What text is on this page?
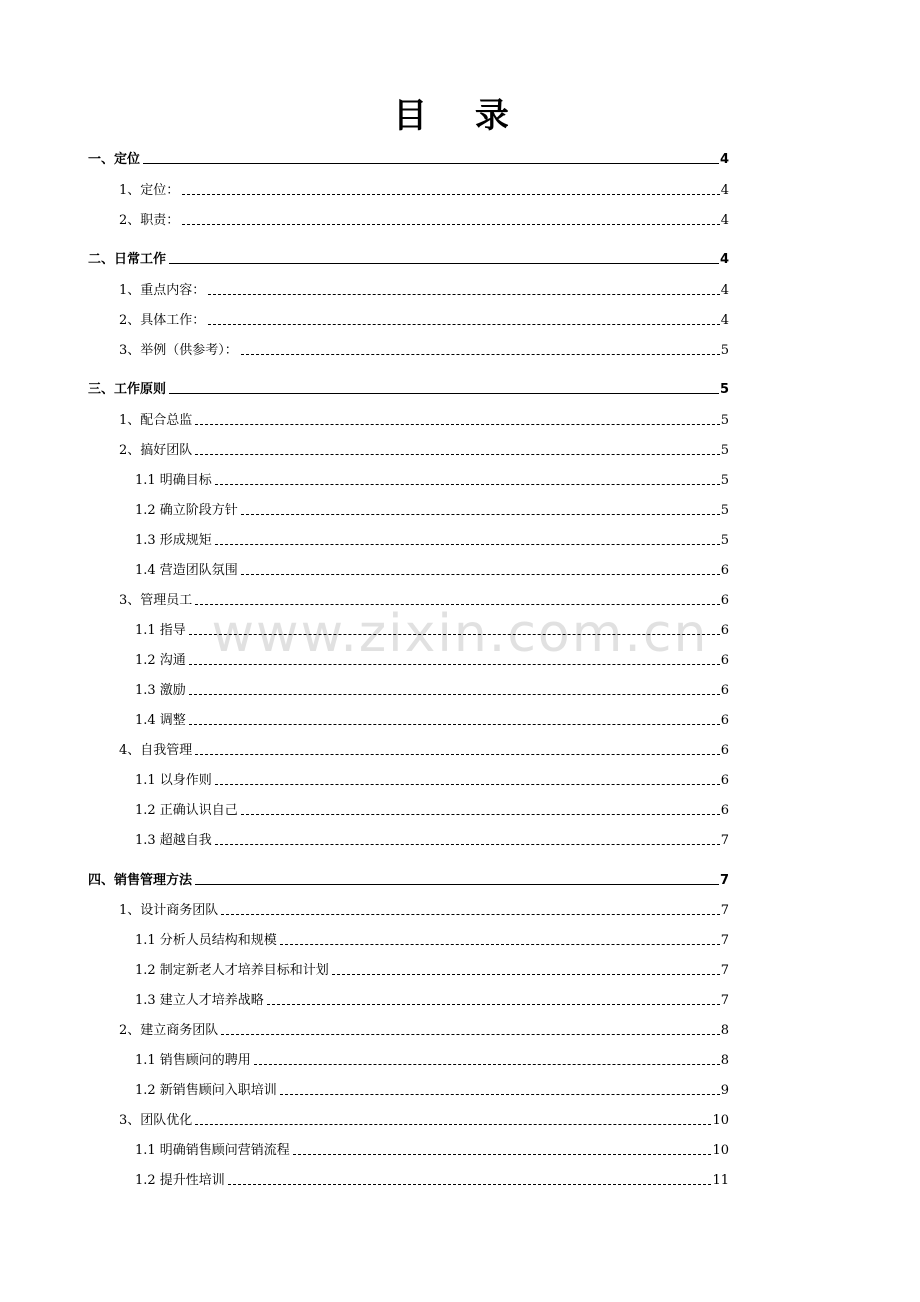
目 录
www.zixin.com.cn
一、定位	4
1、定位：	4
2、职责：	4
二、日常工作	4
1、重点内容：	4
2、具体工作：	4
3、举例（供参考）：	5
三、工作原则	5
1、配合总监	5
2、搞好团队	5
1.1 明确目标	5
1.2 确立阶段方针	5
1.3 形成规矩	5
1.4 营造团队氛围	6
3、管理员工	6
1.1 指导	6
1.2 沟通	6
1.3 激励	6
1.4 调整	6
4、自我管理	6
1.1 以身作则	6
1.2 正确认识自己	6
1.3 超越自我	7
四、销售管理方法	7
1、设计商务团队	7
1.1 分析人员结构和规模	7
1.2 制定新老人才培养目标和计划	7
1.3 建立人才培养战略	7
2、建立商务团队	8
1.1 销售顾问的聘用	8
1.2 新销售顾问入职培训	9
3、团队优化	10
1.1 明确销售顾问营销流程	10
1.2 提升性培训	11
